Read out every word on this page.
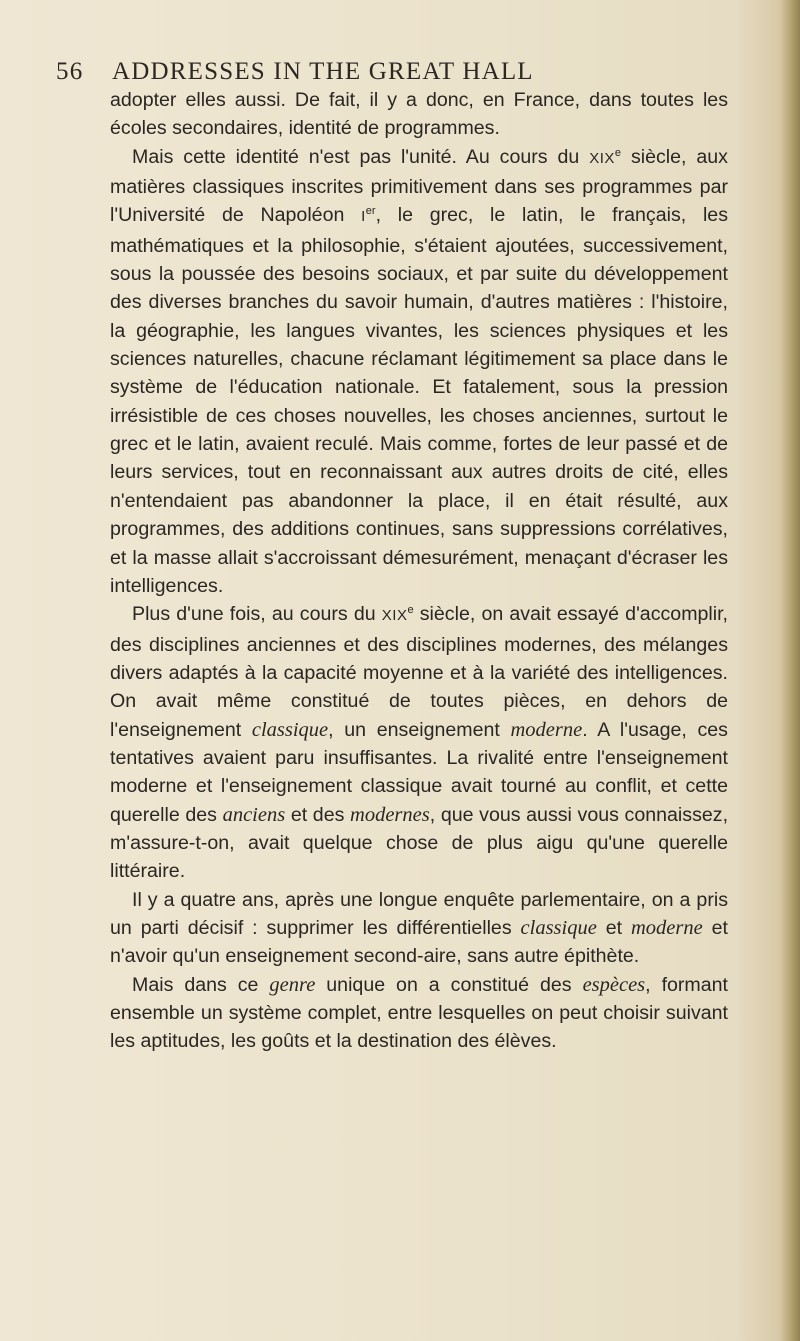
56 ADDRESSES IN THE GREAT HALL

adopter elles aussi. De fait, il y a donc, en France, dans toutes les écoles secondaires, identité de programmes.

Mais cette identité n'est pas l'unité. Au cours du XIXe siècle, aux matières classiques inscrites primitivement dans ses programmes par l'Université de Napoléon Ier, le grec, le latin, le français, les mathématiques et la philosophie, s'étaient ajoutées, successivement, sous la poussée des besoins sociaux, et par suite du développement des diverses branches du savoir humain, d'autres matières : l'histoire, la géographie, les langues vivantes, les sciences physiques et les sciences naturelles, chacune réclamant légitimement sa place dans le système de l'éducation nationale. Et fatalement, sous la pression irrésistible de ces choses nouvelles, les choses anciennes, surtout le grec et le latin, avaient reculé. Mais comme, fortes de leur passé et de leurs services, tout en reconnaissant aux autres droits de cité, elles n'entendaient pas abandonner la place, il en était résulté, aux programmes, des additions continues, sans suppressions corrélatives, et la masse allait s'accroissant démesurément, menaçant d'écraser les intelligences.

Plus d'une fois, au cours du XIXe siècle, on avait essayé d'accomplir, des disciplines anciennes et des disciplines modernes, des mélanges divers adaptés à la capacité moyenne et à la variété des intelligences. On avait même constitué de toutes pièces, en dehors de l'enseignement classique, un enseignement moderne. A l'usage, ces tentatives avaient paru insuffisantes. La rivalité entre l'enseignement moderne et l'enseignement classique avait tourné au conflit, et cette querelle des anciens et des modernes, que vous aussi vous connaissez, m'assure-t-on, avait quelque chose de plus aigu qu'une querelle littéraire.

Il y a quatre ans, après une longue enquête parlementaire, on a pris un parti décisif : supprimer les différentielles classique et moderne et n'avoir qu'un enseignement second-aire, sans autre épithète.

Mais dans ce genre unique on a constitué des espèces, formant ensemble un système complet, entre lesquelles on peut choisir suivant les aptitudes, les goûts et la destination des élèves.
